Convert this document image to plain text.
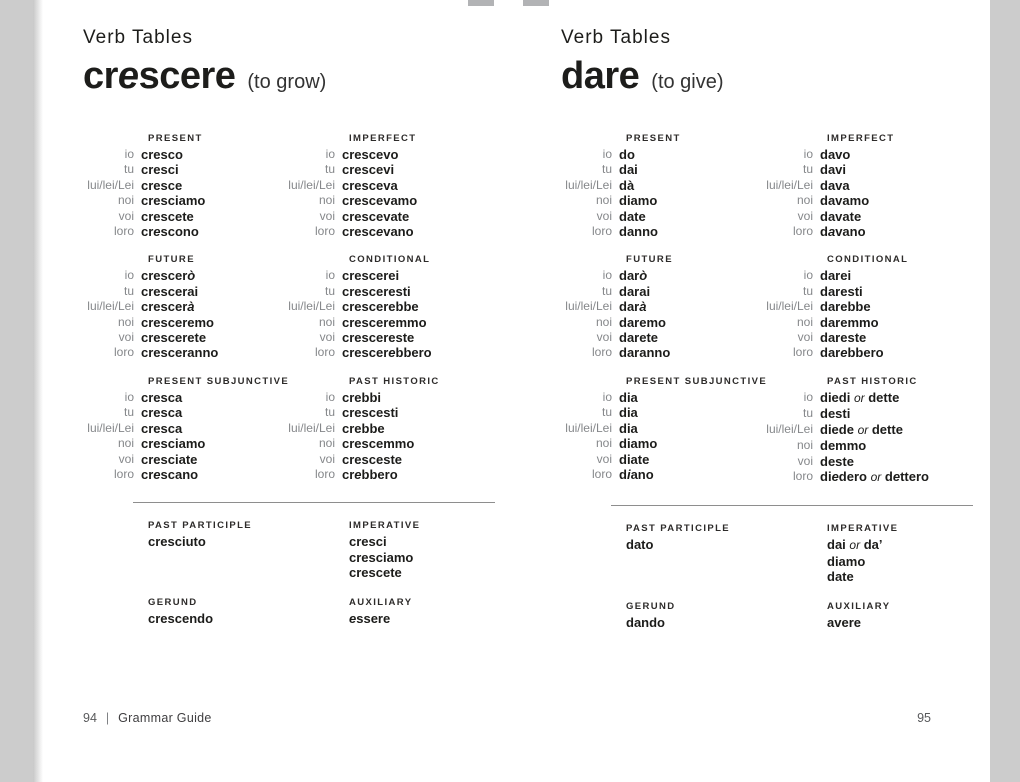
Verb Tables
crescere (to grow)
PRESENT
io cresco
tu cresci
lui/lei/Lei cresce
noi cresciamo
voi crescete
loro crescono
IMPERFECT
io crescevo
tu crescevi
lui/lei/Lei cresceva
noi crescevamo
voi crescevate
loro crescevano
FUTURE
io crescerò
tu crescerai
lui/lei/Lei crescerà
noi cresceremo
voi crescerete
loro cresceranno
CONDITIONAL
io crescerei
tu cresceresti
lui/lei/Lei crescerebbe
noi cresceremmo
voi crescereste
loro crescerebbero
PRESENT SUBJUNCTIVE
io cresca
tu cresca
lui/lei/Lei cresca
noi cresciamo
voi cresciate
loro crescano
PAST HISTORIC
io crebbi
tu crescesti
lui/lei/Lei crebbe
noi crescemmo
voi cresceste
loro crebbero
PAST PARTICIPLE
cresciuto
IMPERATIVE
cresci
cresciamo
crescete
GERUND
crescendo
AUXILIARY
essere
94 | Grammar Guide
Verb Tables
dare (to give)
PRESENT
io do
tu dai
lui/lei/Lei dà
noi diamo
voi date
loro danno
IMPERFECT
io davo
tu davi
lui/lei/Lei dava
noi davamo
voi davate
loro davano
FUTURE
io darò
tu darai
lui/lei/Lei darà
noi daremo
voi darete
loro daranno
CONDITIONAL
io darei
tu daresti
lui/lei/Lei darebbe
noi daremmo
voi dareste
loro darebbero
PRESENT SUBJUNCTIVE
io dia
tu dia
lui/lei/Lei dia
noi diamo
voi diate
loro diano
PAST HISTORIC
io diedi or dette
tu desti
lui/lei/Lei diede or dette
noi demmo
voi deste
loro diedero or dettero
PAST PARTICIPLE
dato
IMPERATIVE
dai or da’
diamo
date
GERUND
dando
AUXILIARY
avere
95
